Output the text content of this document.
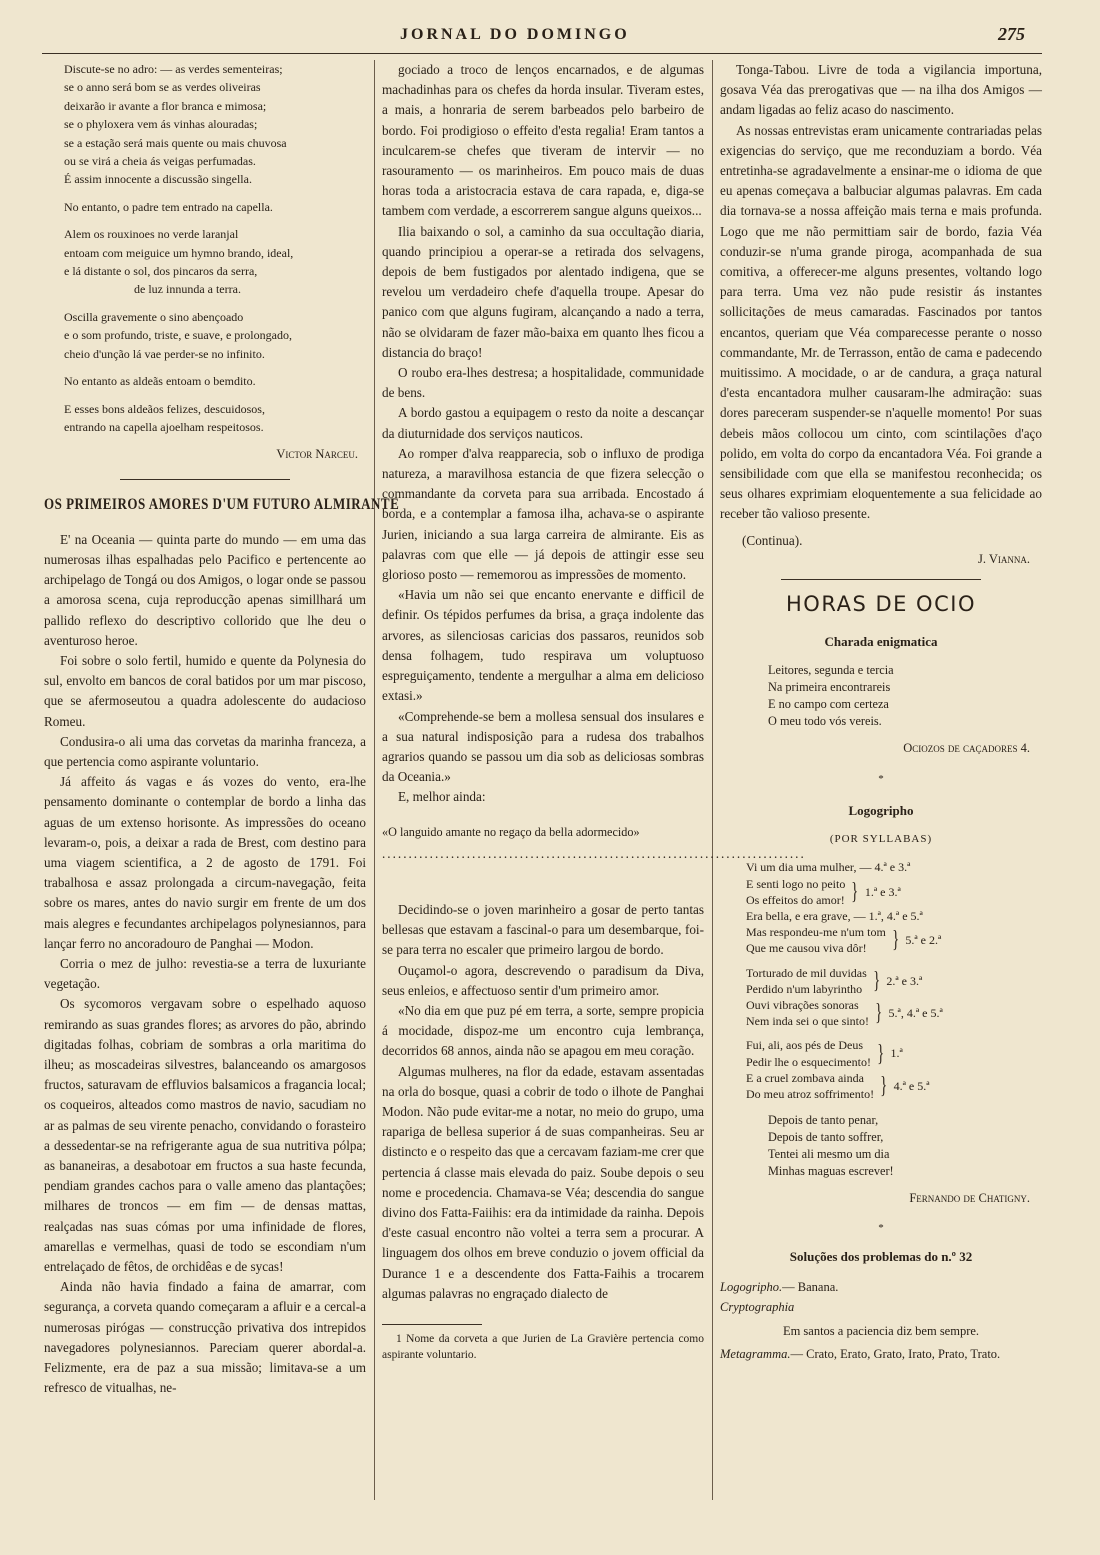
JORNAL DO DOMINGO	275
Discute-se no adro: — as verdes sementeiras;
se o anno será bom se as verdes oliveiras
deixarão ir avante a flor branca e mimosa;
se o phyloxera vem ás vinhas alouradas;
se a estação será mais quente ou mais chuvosa
ou se virá a cheia ás veigas perfumadas.
É assim innocente a discussão singella.
No entanto, o padre tem entrado na capella.
Alem os rouxinoes no verde laranjal
entoam com meiguice um hymno brando, ideal,
e lá distante o sol, dos pincaros da serra,
de luz innunda a terra.
Oscilla gravemente o sino abençoado
e o som profundo, triste, e suave, e prolongado,
cheio d'unção lá vae perder-se no infinito.
No entanto as aldeãs entoam o bemdito.
E esses bons aldeãos felizes, descuidosos,
entrando na capella ajoelham respeitosos.
Victor Narceu.
OS PRIMEIROS AMORES D'UM FUTURO ALMIRANTE

E' na Oceania — quinta parte do mundo — em uma das numerosas ilhas espalhadas pelo Pacifico e pertencente ao archipelago de Tongá ou dos Amigos, o logar onde se passou a amorosa scena, cuja reproducção apenas simillhará um pallido reflexo do descriptivo collorido que lhe deu o aventuroso heroe.

Foi sobre o solo fertil, humido e quente da Polynesia do sul, envolto em bancos de coral batidos por um mar piscoso, que se afermoseutou a quadra adolescente do audacioso Romeu.

Condusira-o ali uma das corvetas da marinha franceza, a que pertencia como aspirante voluntario.

Já affeito ás vagas e ás vozes do vento, era-lhe pensamento dominante o contemplar de bordo a linha das aguas de um extenso horisonte. As impressões do oceano levaram-o, pois, a deixar a rada de Brest, com destino para uma viagem scientifica, a 2 de agosto de 1791. Foi trabalhosa e assaz prolongada a circum-navegação, feita sobre os mares, antes do navio surgir em frente de um dos mais alegres e fecundantes archipelagos polynesiannos, para lançar ferro no ancoradouro de Panghai — Modon.

Corria o mez de julho: revestia-se a terra de luxuriante vegetação.

Os sycomoros vergavam sobre o espelhado aquoso remirando as suas grandes flores; as arvores do pão, abrindo digitadas folhas, cobriam de sombras a orla maritima do ilheu; as moscadeiras silvestres, balanceando os amargosos fructos, saturavam de effluvios balsamicos a fragancia local; os coqueiros, alteados como mastros de navio, sacudiam no ar as palmas de seu virente penacho, convidando o forasteiro a dessedentar-se na refrigerante agua de sua nutritiva pólpa; as bananeiras, a desabotoar em fructos a sua haste fecunda, pendiam grandes cachos para o valle ameno das plantações; milhares de troncos — em fim — de densas mattas, realçadas nas suas cómas por uma infinidade de flores, amarellas e vermelhas, quasi de todo se escondiam n'um entrelaçado de fêtos, de orchidêas e de sycas!

Ainda não havia findado a faina de amarrar, com segurança, a corveta quando começaram a afluir e a cercal-a numerosas pirógas — construcção privativa dos intrepidos navegadores polynesiannos. Pareciam querer abordal-a. Felizmente, era de paz a sua missão; limitava-se a um refresco de vitualhas, ne-

gociado a troco de lenços encarnados, e de algumas machadinhas para os chefes da horda insular. Tiveram estes, a mais, a honraria de serem barbeados pelo barbeiro de bordo. Foi prodigioso o effeito d'esta regalia! Eram tantos a inculcarem-se chefes que tiveram de intervir — no rasouramento — os marinheiros. Em pouco mais de duas horas toda a aristocracia estava de cara rapada, e, diga-se tambem com verdade, a escorrerem sangue alguns queixos...

Ilia baixando o sol, a caminho da sua occultação diaria, quando principiou a operar-se a retirada dos selvagens, depois de bem fustigados por alentado indigena, que se revelou um verdadeiro chefe d'aquella troupe. Apesar do panico com que alguns fugiram, alcançando a nado a terra, não se olvidaram de fazer mão-baixa em quanto lhes ficou a distancia do braço!

O roubo era-lhes destresa; a hospitalidade, communidade de bens.

A bordo gastou a equipagem o resto da noite a descançar da diuturnidade dos serviços nauticos.

Ao romper d'alva reapparecia, sob o influxo de prodiga natureza, a maravilhosa estancia de que fizera selecção o commandante da corveta para sua arribada. Encostado á borda, e a contemplar a famosa ilha, achava-se o aspirante Jurien, iniciando a sua larga carreira de almirante. Eis as palavras com que elle — já depois de attingir esse seu glorioso posto — rememorou as impressões de momento.

«Havia um não sei que encanto enervante e difficil de definir. Os tépidos perfumes da brisa, a graça indolente das arvores, as silenciosas caricias dos passaros, reunidos sob densa folhagem, tudo respirava um voluptuoso espreguiçamento, tendente a mergulhar a alma em delicioso extasi.»

«Comprehende-se bem a mollesa sensual dos insulares e a sua natural indisposição para a rudesa dos trabalhos agrarios quando se passou um dia sob as deliciosas sombras da Oceania.»

E, melhor ainda:

«O languido amante no regaço da bella adormecido»
................................................................................

Decidindo-se o joven marinheiro a gosar de perto tantas bellesas que estavam a fascinal-o para um desembarque, foi-se para terra no escaler que primeiro largou de bordo.

Ouçamol-o agora, descrevendo o paradisum da Diva, seus enleios, e affectuoso sentir d'um primeiro amor.

«No dia em que puz pé em terra, a sorte, sempre propicia á mocidade, dispoz-me um encontro cuja lembrança, decorridos 68 annos, ainda não se apagou em meu coração.

Algumas mulheres, na flor da edade, estavam assentadas na orla do bosque, quasi a cobrir de todo o ilhote de Panghai Modon. Não pude evitar-me a notar, no meio do grupo, uma rapariga de bellesa superior á de suas companheiras. Seu ar distincto e o respeito das que a cercavam faziam-me crer que pertencia á classe mais elevada do paiz. Soube depois o seu nome e procedencia. Chamava-se Véa; descendia do sangue divino dos Fatta-Faiihis: era da intimidade da rainha. Depois d'este casual encontro não voltei a terra sem a procurar. A linguagem dos olhos em breve conduzio o jovem official da Durance 1 e a descendente dos Fatta-Faihis a trocarem algumas palavras no engraçado dialecto de

1 Nome da corveta a que Jurien de La Gravière pertencia como aspirante voluntario.

Tonga-Tabou. Livre de toda a vigilancia importuna, gosava Véa das prerogativas que — na ilha dos Amigos — andam ligadas ao feliz acaso do nascimento.

As nossas entrevistas eram unicamente contrariadas pelas exigencias do serviço, que me reconduziam a bordo. Véa entretinha-se agradavelmente a ensinar-me o idioma de que eu apenas começava a balbuciar algumas palavras. Em cada dia tornava-se a nossa affeição mais terna e mais profunda. Logo que me não permittiam sair de bordo, fazia Véa conduzir-se n'uma grande piroga, acompanhada de sua comitiva, a offerecer-me alguns presentes, voltando logo para terra. Uma vez não pude resistir ás instantes sollicitações de meus camaradas. Fascinados por tantos encantos, queriam que Véa comparecesse perante o nosso commandante, Mr. de Terrasson, então de cama e padecendo muitissimo. A mocidade, o ar de candura, a graça natural d'esta encantadora mulher causaram-lhe admiração: suas dores pareceram suspender-se n'aquelle momento! Por suas debeis mãos collocou um cinto, com scintilações d'aço polido, em volta do corpo da encantadora Véa. Foi grande a sensibilidade com que ella se manifestou reconhecida; os seus olhares exprimiam eloquentemente a sua felicidade ao receber tão valioso presente.

(Continua).
J. Vianna.
HORAS DE OCIO
Charada enigmatica
Leitores, segunda e tercia
Na primeira encontrareis
E no campo com certeza
O meu todo vós vereis.
Ociozos de caçadores 4.
*
Logogripho
(POR SYLLABAS)
Vi um dia uma mulher, — 4.ª e 3.ª
E senti logo no peito
Os effeitos do amor! } 1.ª e 3.ª
Era bella, e era grave, — 1.ª, 4.ª e 5.ª
Mas respondeu-me n'um tom
Que me causou viva dôr!	} 5.ª e 2.ª
Torturado de mil duvidas
Perdido n'um labyrintho } 2.ª e 3.ª
Ouvi vibrações sonoras
Nem inda sei o que sinto! } 5.ª, 4.ª e 5.ª
Fui, ali, aos pés de Deus
Pedir lhe o esquecimento! } 1.ª
E a cruel zombava ainda
Do meu atroz soffrimento! } 4.ª e 5.ª
Depois de tanto penar,
Depois de tanto soffrer,
Tentei ali mesmo um dia
Minhas maguas escrever!
Fernando de Chatigny.
*
Soluções dos problemas do n.º 32
Logogripho.— Banana.
Cryptographia
Em santos a paciencia diz bem sempre.
Metagramma.— Crato, Erato, Grato, Irato, Prato, Trato.
